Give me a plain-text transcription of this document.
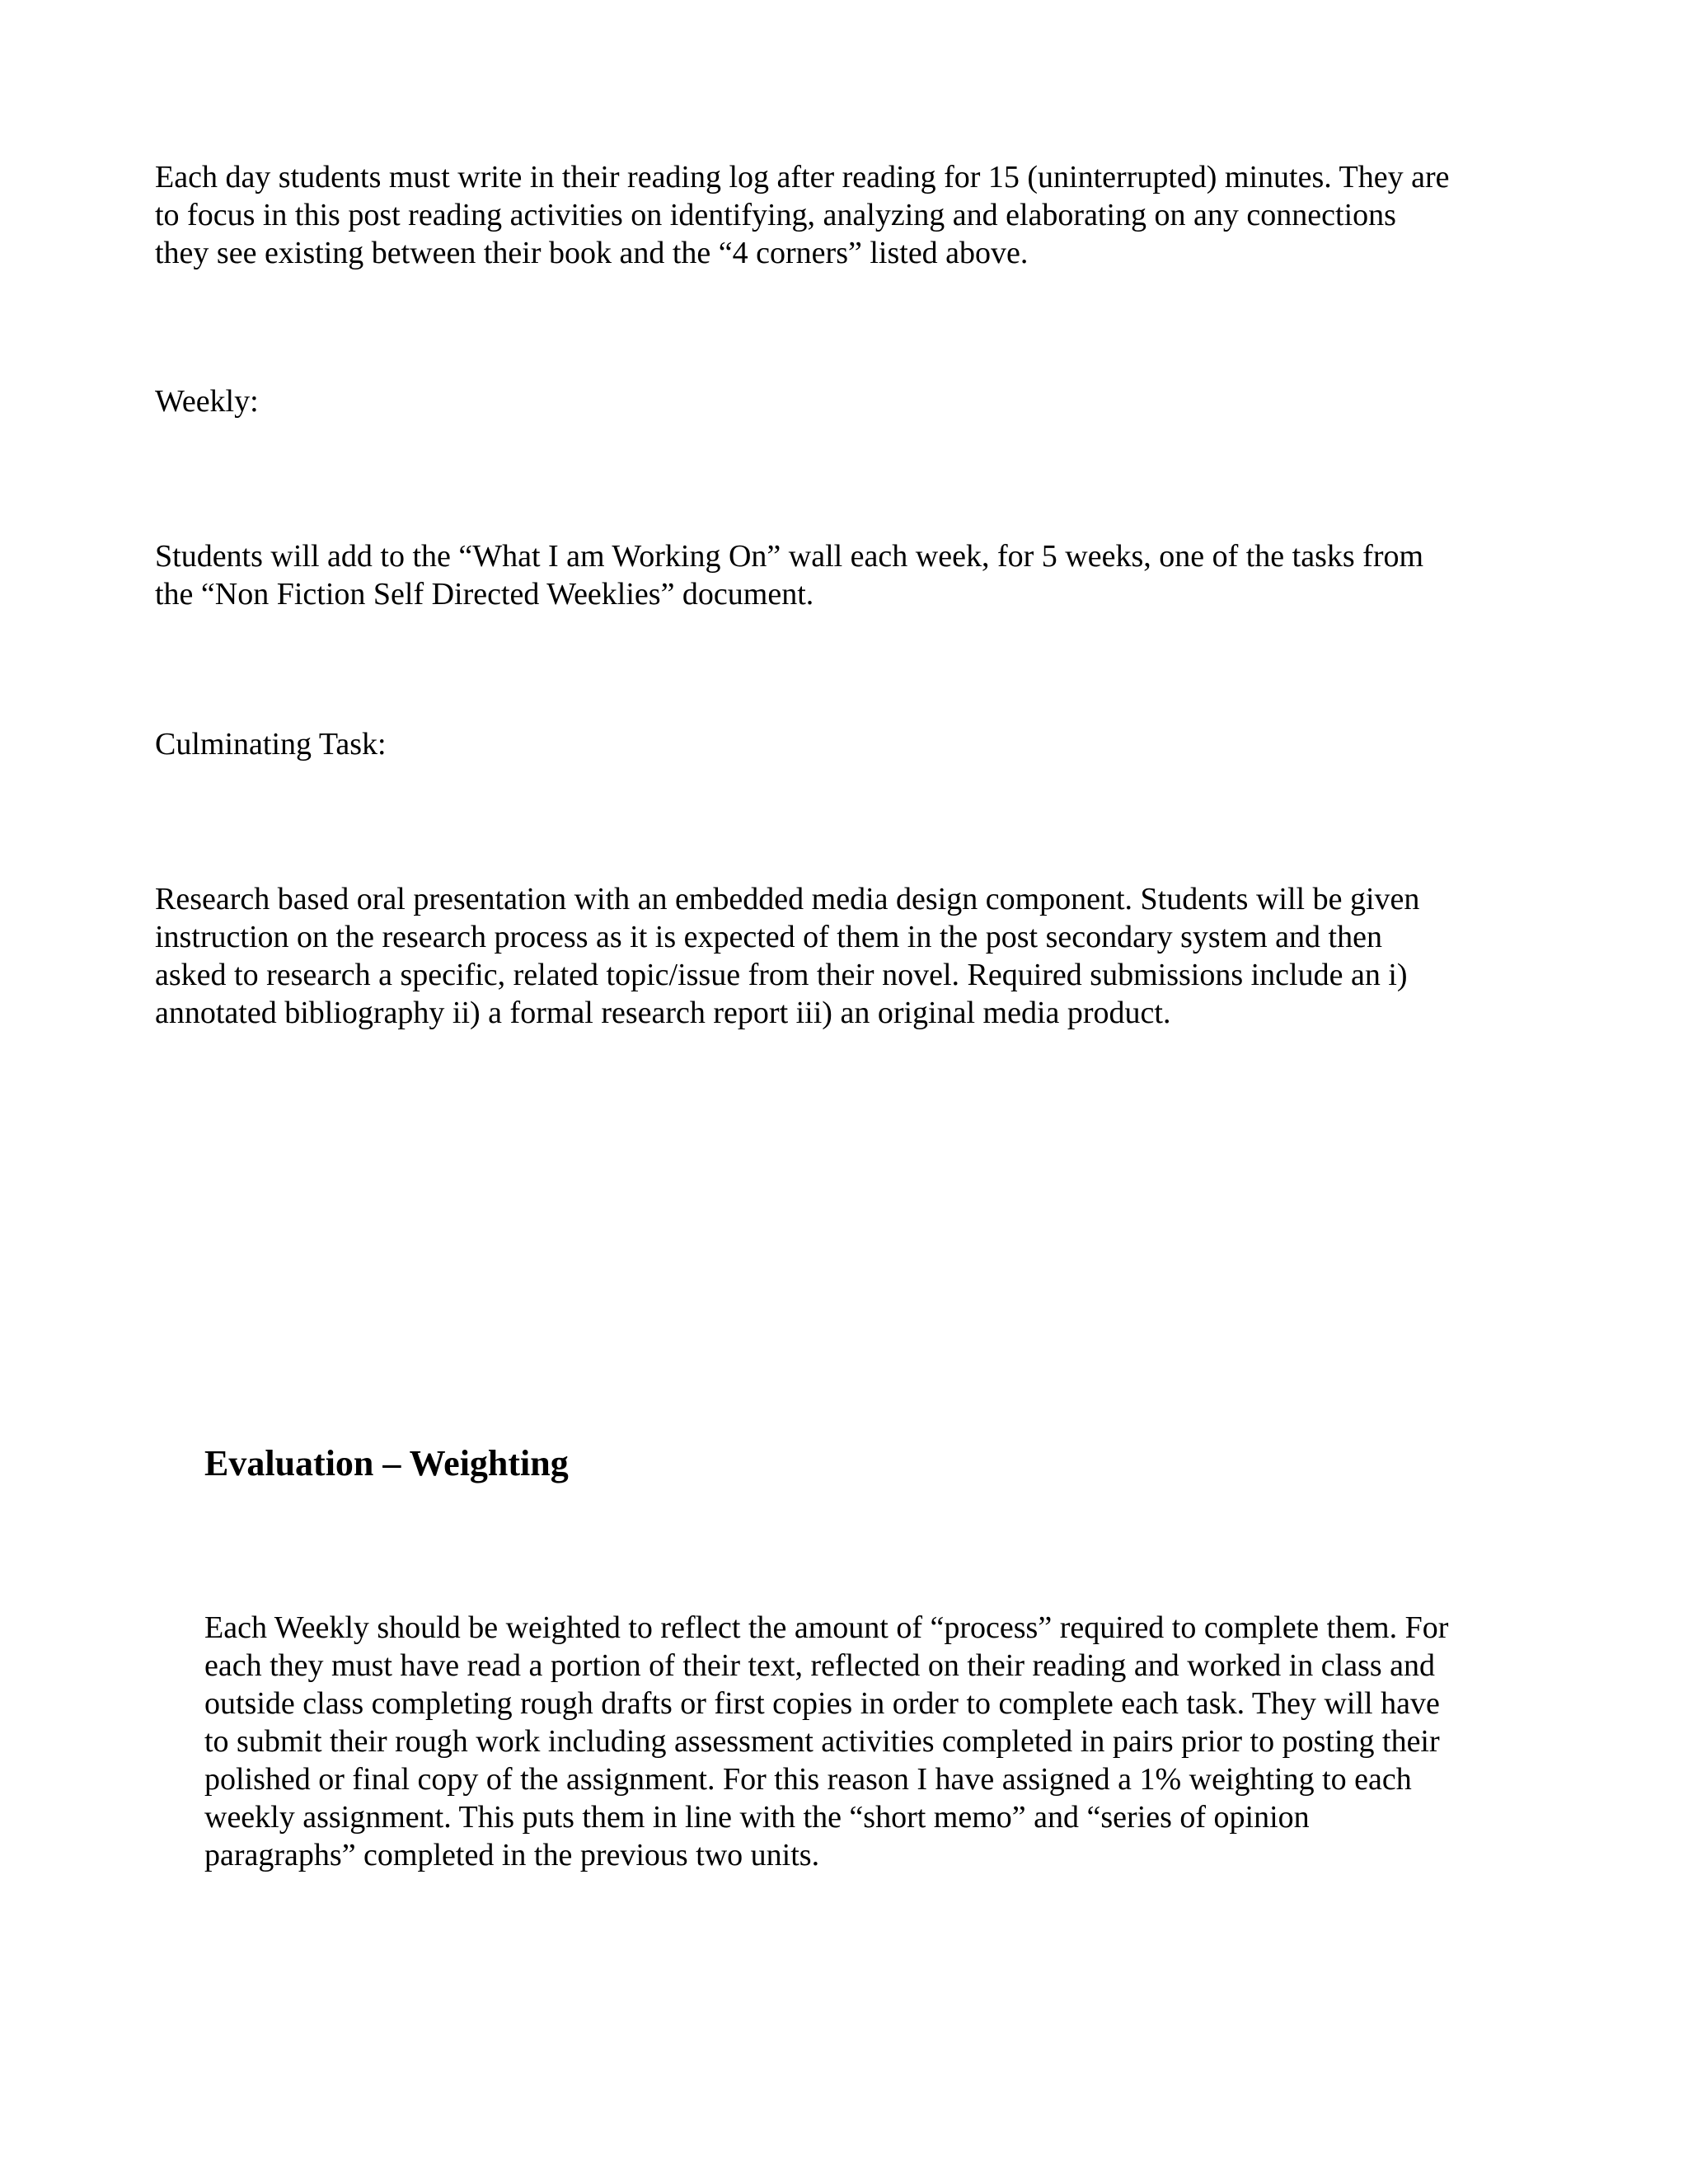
Each day students must write in their reading log after reading for 15 (uninterrupted) minutes. They are
to focus in this post reading activities on identifying, analyzing and elaborating on any connections
they see existing between their book and the “4 corners” listed above.

Weekly:

Students will add to the “What I am Working On” wall each week, for 5 weeks, one of the tasks from
the “Non Fiction Self Directed Weeklies” document.

Culminating Task:

Research based oral presentation with an embedded media design component. Students will be given
instruction on the research process as it is expected of them in the post secondary system and then
asked to research a specific, related topic/issue from their novel. Required submissions include an i)
annotated bibliography ii) a formal research report iii) an original media product.

Evaluation – Weighting

Each Weekly should be weighted to reflect the amount of “process” required to complete them. For
each they must have read a portion of their text, reflected on their reading and worked in class and
outside class completing rough drafts or first copies in order to complete each task. They will have
to submit their rough work including assessment activities completed in pairs prior to posting their
polished or final copy of the assignment. For this reason I have assigned a 1% weighting to each
weekly assignment. This puts them in line with the “short memo” and “series of opinion
paragraphs” completed in the previous two units.
